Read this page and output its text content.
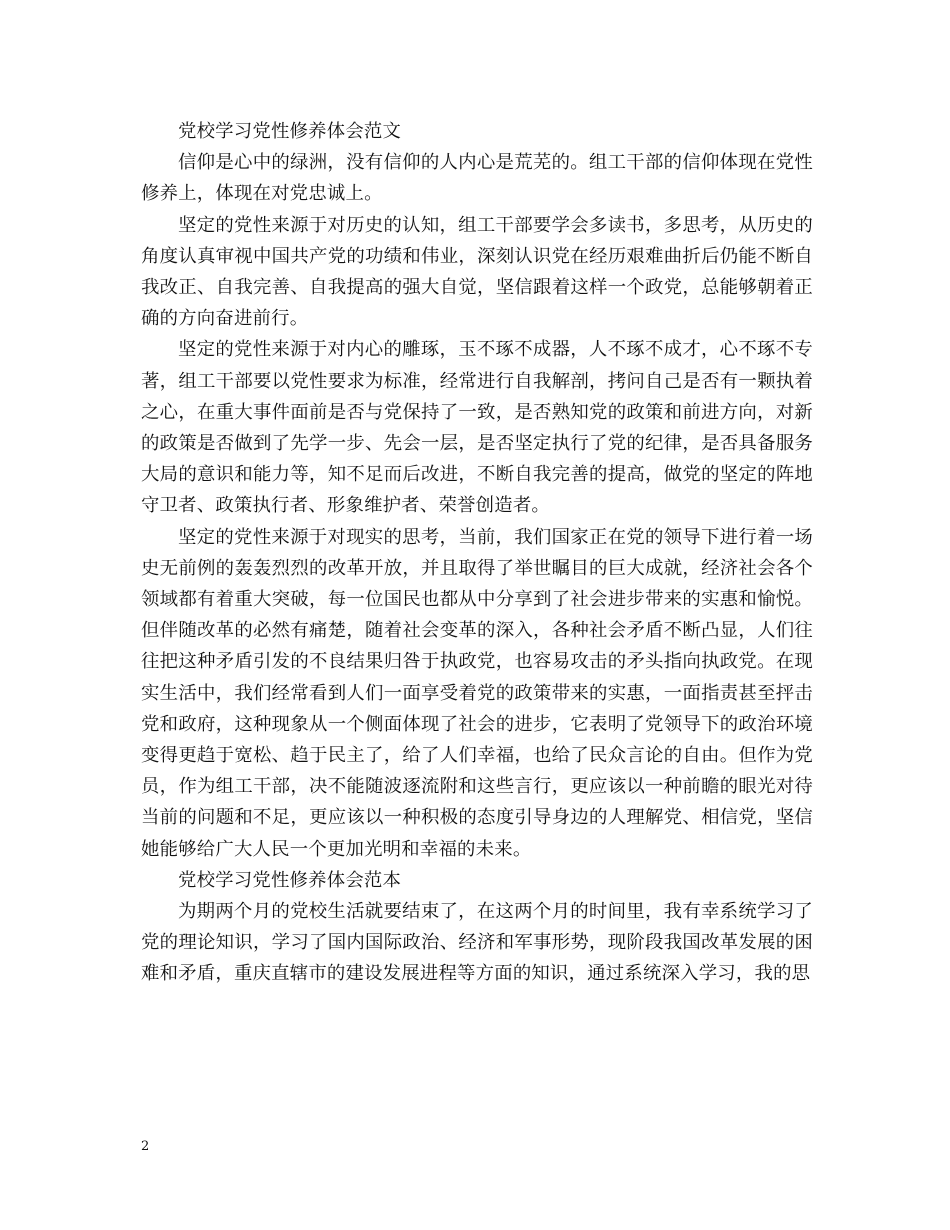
党校学习党性修养体会范文

信仰是心中的绿洲，没有信仰的人内心是荒芜的。组工干部的信仰体现在党性修养上，体现在对党忠诚上。

坚定的党性来源于对历史的认知，组工干部要学会多读书，多思考，从历史的角度认真审视中国共产党的功绩和伟业，深刻认识党在经历艰难曲折后仍能不断自我改正、自我完善、自我提高的强大自觉，坚信跟着这样一个政党，总能够朝着正确的方向奋进前行。

坚定的党性来源于对内心的雕琢，玉不琢不成器，人不琢不成才，心不琢不专著，组工干部要以党性要求为标准，经常进行自我解剖，拷问自己是否有一颗执着之心，在重大事件面前是否与党保持了一致，是否熟知党的政策和前进方向，对新的政策是否做到了先学一步、先会一层，是否坚定执行了党的纪律，是否具备服务大局的意识和能力等，知不足而后改进，不断自我完善的提高，做党的坚定的阵地守卫者、政策执行者、形象维护者、荣誉创造者。

坚定的党性来源于对现实的思考，当前，我们国家正在党的领导下进行着一场史无前例的轰轰烈烈的改革开放，并且取得了举世瞩目的巨大成就，经济社会各个领域都有着重大突破，每一位国民也都从中分享到了社会进步带来的实惠和愉悦。但伴随改革的必然有痛楚，随着社会变革的深入，各种社会矛盾不断凸显，人们往往把这种矛盾引发的不良结果归咎于执政党，也容易攻击的矛头指向执政党。在现实生活中，我们经常看到人们一面享受着党的政策带来的实惠，一面指责甚至抨击党和政府，这种现象从一个侧面体现了社会的进步，它表明了党领导下的政治环境变得更趋于宽松、趋于民主了，给了人们幸福，也给了民众言论的自由。但作为党员，作为组工干部，决不能随波逐流附和这些言行，更应该以一种前瞻的眼光对待当前的问题和不足，更应该以一种积极的态度引导身边的人理解党、相信党，坚信她能够给广大人民一个更加光明和幸福的未来。

党校学习党性修养体会范本

为期两个月的党校生活就要结束了，在这两个月的时间里，我有幸系统学习了党的理论知识，学习了国内国际政治、经济和军事形势，现阶段我国改革发展的困难和矛盾，重庆直辖市的建设发展进程等方面的知识，通过系统深入学习，我的思

2
